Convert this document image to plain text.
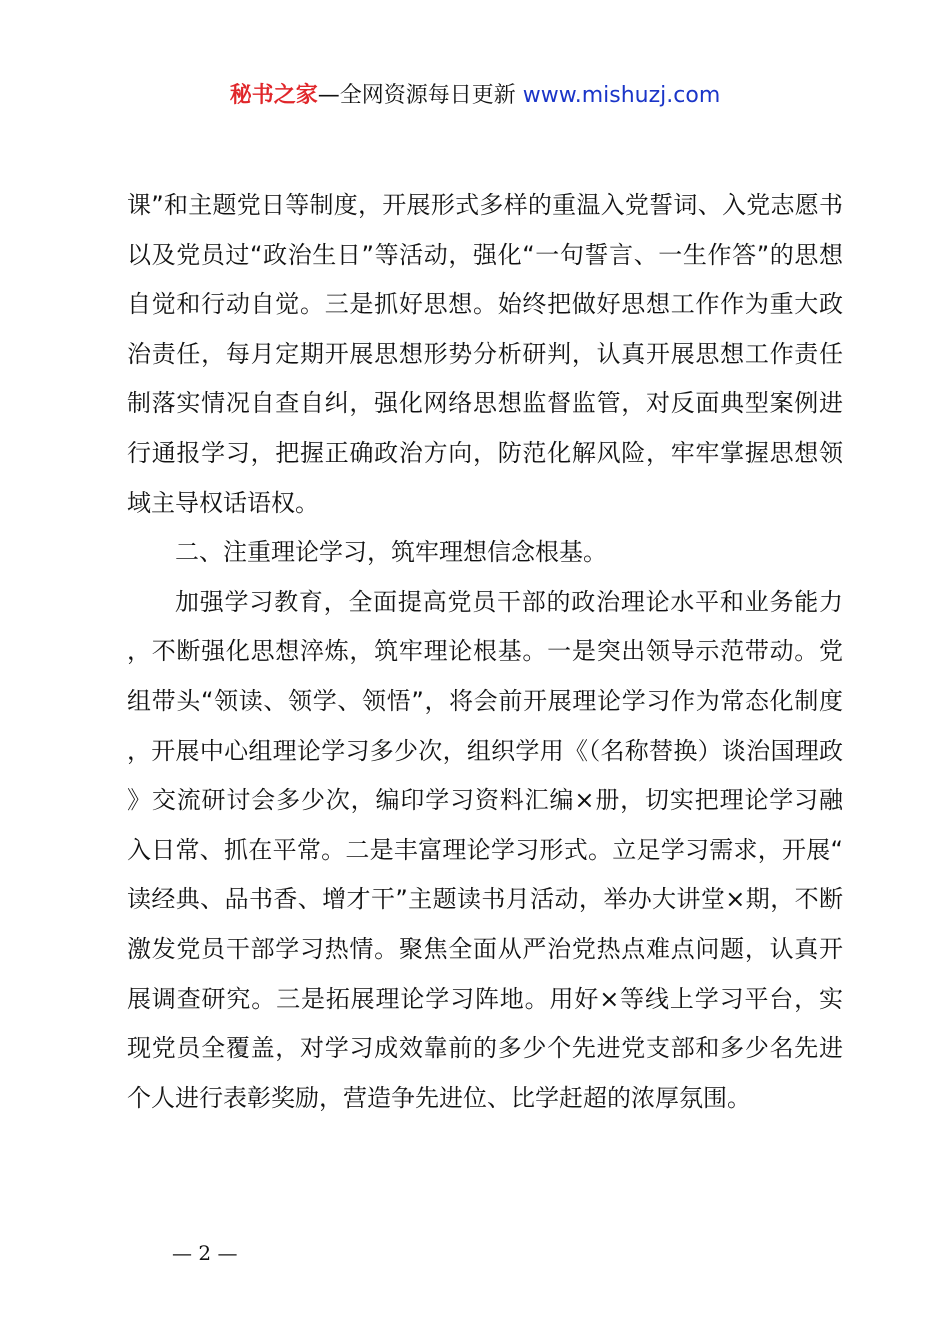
秘书之家—全网资源每日更新 www.mishuzj.com

课”和主题党日等制度，开展形式多样的重温入党誓词、入党志愿书以及党员过“政治生日”等活动，强化“一句誓言、一生作答”的思想自觉和行动自觉。三是抓好思想。始终把做好思想工作作为重大政治责任，每月定期开展思想形势分析研判，认真开展思想工作责任制落实情况自查自纠，强化网络思想监督监管，对反面典型案例进行通报学习，把握正确政治方向，防范化解风险，牢牢掌握思想领域主导权话语权。

二、注重理论学习，筑牢理想信念根基。

加强学习教育，全面提高党员干部的政治理论水平和业务能力，不断强化思想淬炼，筑牢理论根基。一是突出领导示范带动。党组带头“领读、领学、领悟”，将会前开展理论学习作为常态化制度，开展中心组理论学习多少次，组织学用《（名称替换）谈治国理政》交流研讨会多少次，编印学习资料汇编×册，切实把理论学习融入日常、抓在平常。二是丰富理论学习形式。立足学习需求，开展“读经典、品书香、增才干”主题读书月活动，举办大讲堂×期，不断激发党员干部学习热情。聚焦全面从严治党热点难点问题，认真开展调查研究。三是拓展理论学习阵地。用好×等线上学习平台，实现党员全覆盖，对学习成效靠前的多少个先进党支部和多少名先进个人进行表彰奖励，营造争先进位、比学赶超的浓厚氛围。

— 2 —
